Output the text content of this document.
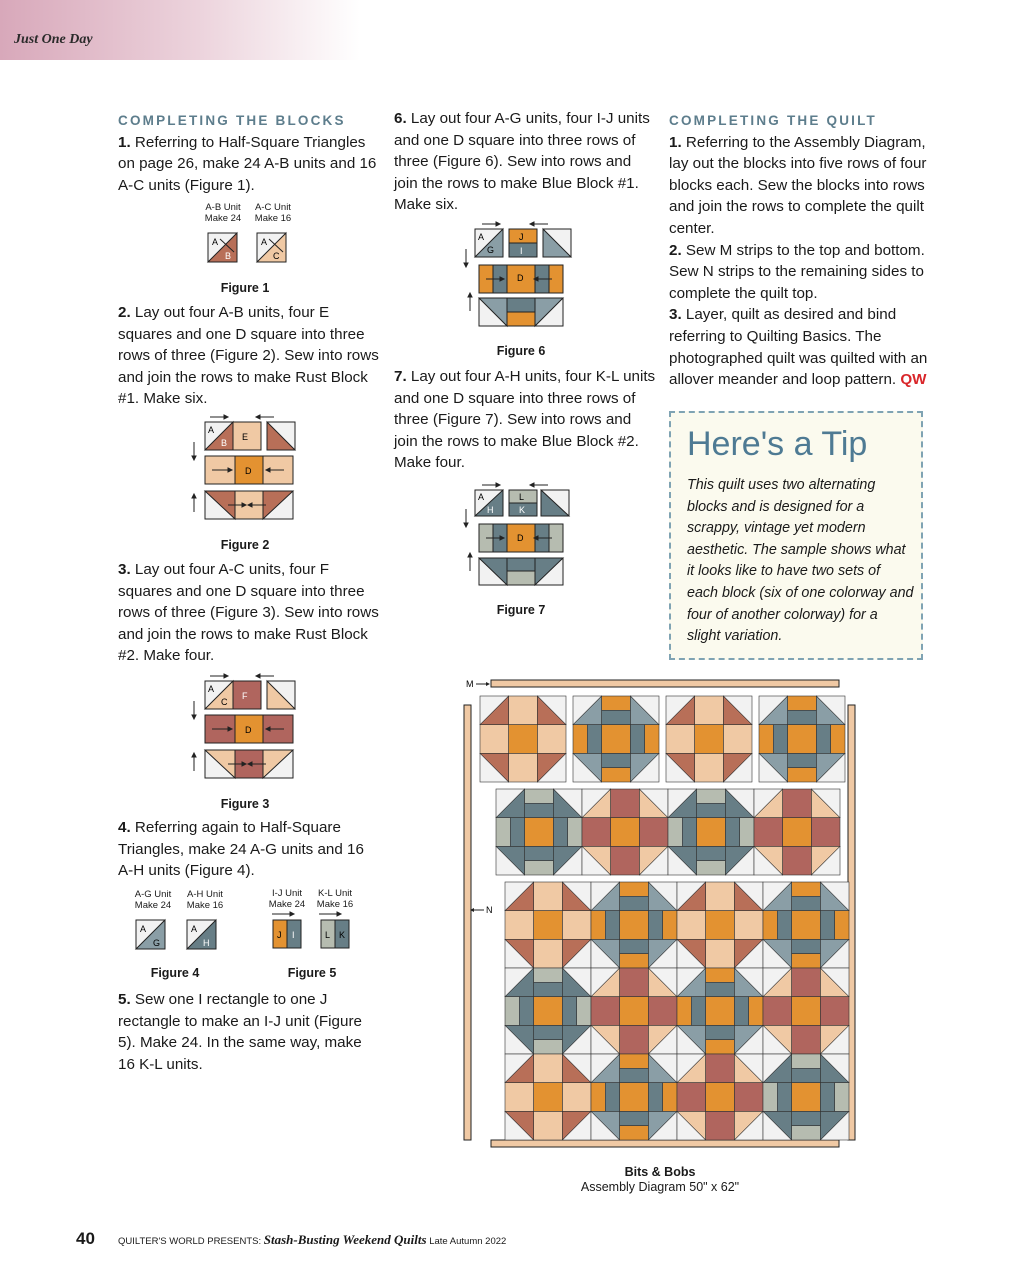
Just One Day

COMPLETING THE BLOCKS

1. Referring to Half-Square Triangles on page 26, make 24 A-B units and 16 A-C units (Figure 1).

2. Lay out four A-B units, four E squares and one D square into three rows of three (Figure 2). Sew into rows and join the rows to make Rust Block #1. Make six.

3. Lay out four A-C units, four F squares and one D square into three rows of three (Figure 3). Sew into rows and join the rows to make Rust Block #2. Make four.

4. Referring again to Half-Square Triangles, make 24 A-G units and 16 A-H units (Figure 4).

5. Sew one I rectangle to one J rectangle to make an I-J unit (Figure 5). Make 24. In the same way, make 16 K-L units.

6. Lay out four A-G units, four I-J units and one D square into three rows of three (Figure 6). Sew into rows and join the rows to make Blue Block #1. Make six.

7. Lay out four A-H units, four K-L units and one D square into three rows of three (Figure 7). Sew into rows and join the rows to make Blue Block #2. Make four.

COMPLETING THE QUILT

1. Referring to the Assembly Diagram, lay out the blocks into five rows of four blocks each. Sew the blocks into rows and join the rows to complete the quilt center.

2. Sew M strips to the top and bottom. Sew N strips to the remaining sides to complete the quilt top.

3. Layer, quilt as desired and bind referring to Quilting Basics. The photographed quilt was quilted with an allover meander and loop pattern. QW

Here's a Tip
This quilt uses two alternating blocks and is designed for a scrappy, vintage yet modern aesthetic. The sample shows what it looks like to have two sets of each block (six of one colorway and four of another colorway) for a slight variation.
A-B Unit
Make 24
A-C Unit
Make 16
A
B
A
C
Figure 1
A
B
E
D
Figure 2
A
C
F
D
Figure 3
A-G Unit
Make 24
A-H Unit
Make 16
A
G
A
H
Figure 4
I-J Unit
Make 24
K-L Unit
Make 16
J I	L K
Figure 5
A
G
J
I
D
Figure 6
A
H
L
K
D
Figure 7
M
N
Bits & Bobs
Assembly Diagram 50" x 62"
40 QUILTER'S WORLD PRESENTS: Stash-Busting Weekend Quilts Late Autumn 2022
